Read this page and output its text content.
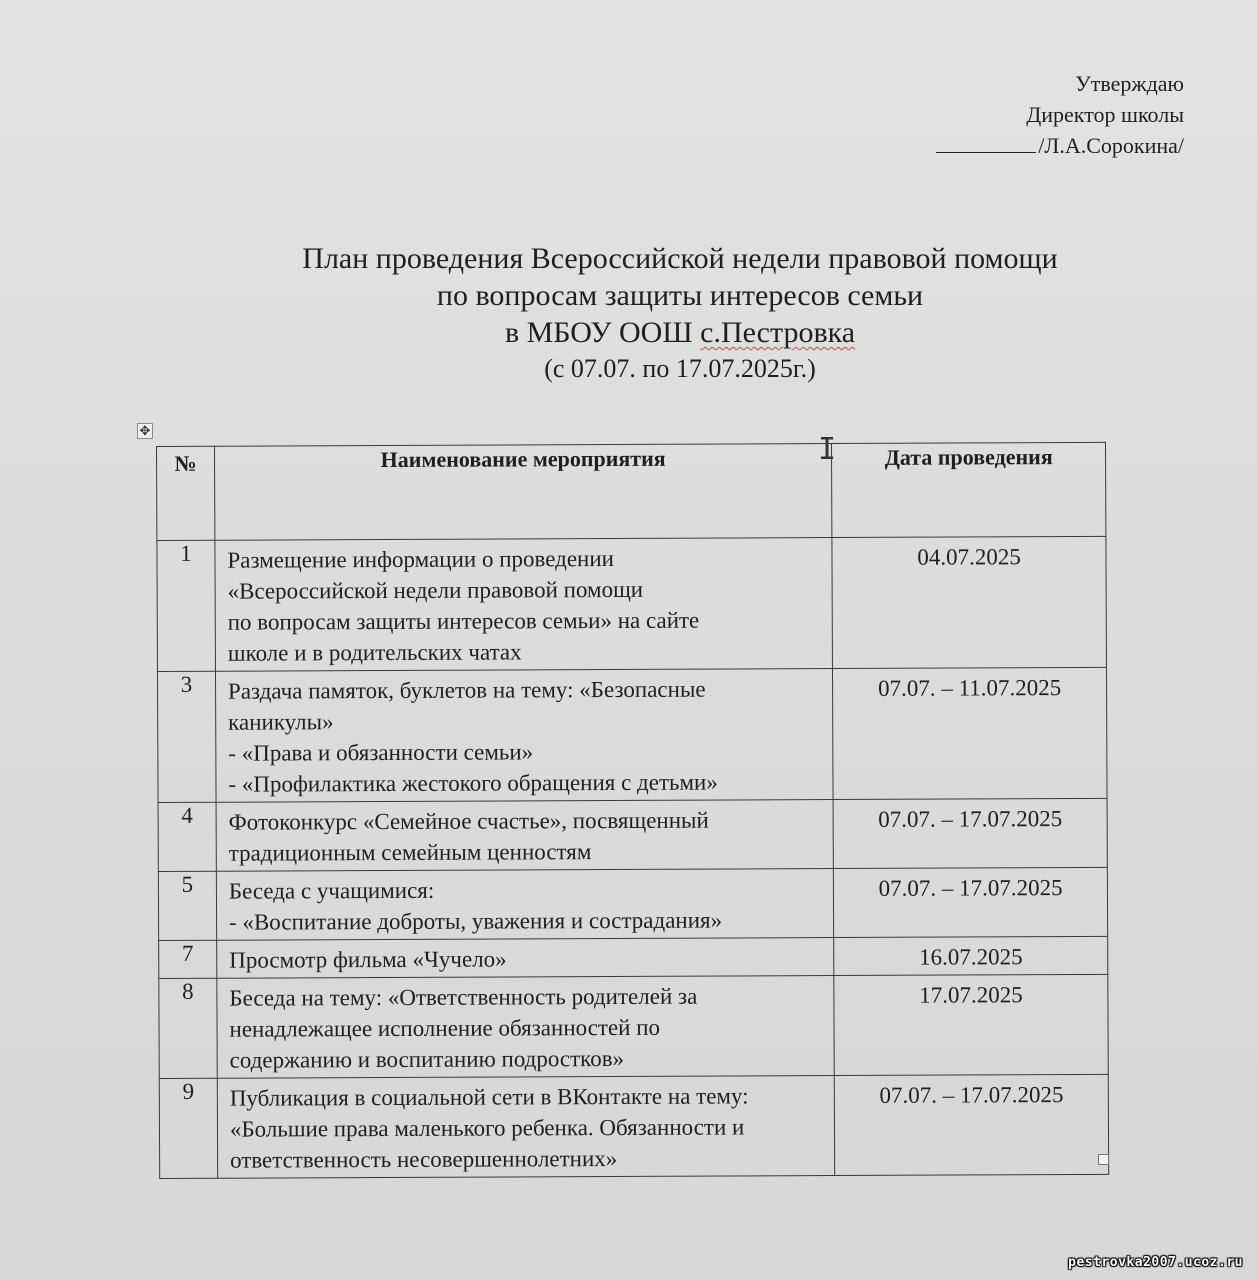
Утверждаю
Директор школы
/Л.А.Сорокина/
План проведения Всероссийской недели правовой помощи
по вопросам защиты интересов семьи
в МБОУ ООШ с.Пестровка
(с 07.07. по 17.07.2025г.)
✥
I
№	Наименование мероприятия	Дата проведения
1	Размещение информации о проведении
«Всероссийской недели правовой помощи
по вопросам защиты интересов семьи» на сайте
школе и в родительских чатах	04.07.2025
3	Раздача памяток, буклетов на тему: «Безопасные
каникулы»
- «Права и обязанности семьи»
- «Профилактика жестокого обращения с детьми»	07.07. – 11.07.2025
4	Фотоконкурс «Семейное счастье», посвященный
традиционным семейным ценностям	07.07. – 17.07.2025
5	Беседа с учащимися:
- «Воспитание доброты, уважения и сострадания»	07.07. – 17.07.2025
7	Просмотр фильма «Чучело»	16.07.2025
8	Беседа на тему: «Ответственность родителей за
ненадлежащее исполнение обязанностей по
содержанию и воспитанию подростков»	17.07.2025
9	Публикация в социальной сети в ВКонтакте на тему:
«Большие права маленького ребенка. Обязанности и
ответственность несовершеннолетних»	07.07. – 17.07.2025
pestrovka2007.ucoz.ru
